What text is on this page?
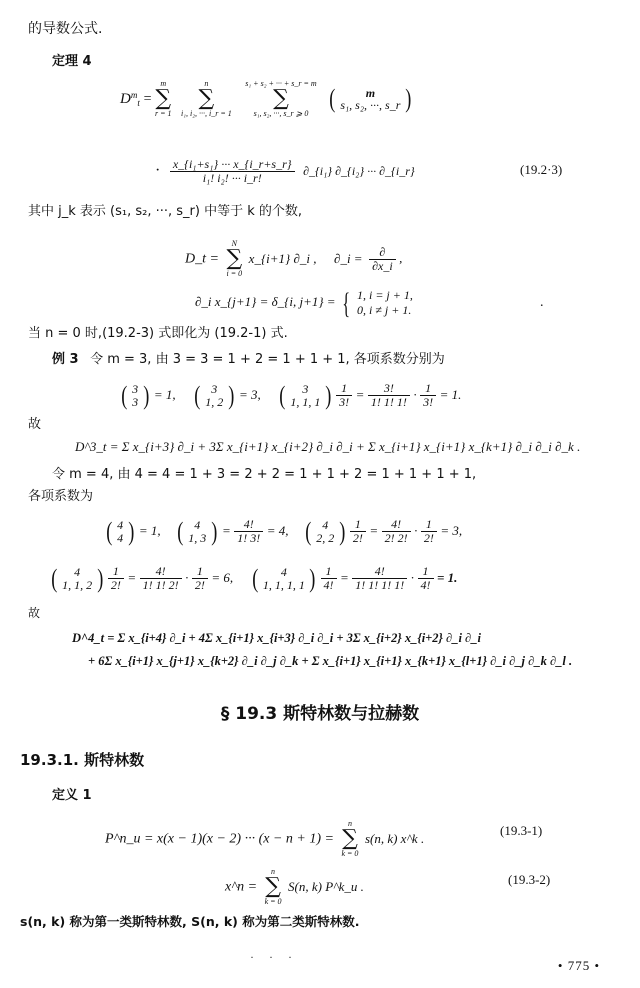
的导数公式.
定理 4
$D^m_t$ =
m
∑
r = 1

n
∑
i₁, i₂, ···, i_r = 1

s₁ + s₂ + ··· + s_r = m
∑
s₁, s₂, ···, s_r ⩾ 0
(	m
s₁, s₂, ···, s_r )
· $\frac{\text{x\_\{i₁+s₁\} ··· x\_\{i\_r+s\_r\}}}{\text{i₁! i₂! ··· i\_r!}}$ ∂_{i₁} ∂_{i₂} ··· ∂_{i_r}	(19.2·3)
其中 j_k 表示 (s₁, s₂, ···, s_r) 中等于 k 的个数,
D_t =
N
∑
i = 0
x_{i+1} ∂_i , ∂_i = $\frac{\partial}{\partial x\_i}$ ,
∂_i x_{j+1} = δ_{i, j+1} = { 1, i = j + 1,
0, i ≠ j + 1.	.
当 n = 0 时,(19.2-3) 式即化为 (19.2-1) 式.
例 3 令 m = 3, 由 3 = 3 = 1 + 2 = 1 + 1 + 1, 各项系数分别为
( 3
3 ) = 1, ( 3
1, 2 ) = 3, (	3
1, 1, 1 ) $\frac{1}{3!} = \frac{3!}{1! 1! 1!} \cdot \frac{1}{3!} = 1$.
故
D^3_t = Σ x_{i+3} ∂_i + 3Σ x_{i+1} x_{i+2} ∂_i ∂_i + Σ x_{i+1} x_{i+1} x_{k+1} ∂_i ∂_i ∂_k .
令 m = 4, 由 4 = 4 = 1 + 3 = 2 + 2 = 1 + 1 + 2 = 1 + 1 + 1 + 1,
各项系数为
( 4
4 ) = 1, ( 4
1, 3 ) = $\frac{4!}{1! 3!} = 4$, ( 4
2, 2 ) $\frac{1}{2!} = \frac{4!}{2! 2!} \cdot \frac{1}{2!} = 3$,
(	4
1, 1, 2 ) $\frac{1}{2!} = \frac{4!}{1! 1! 2!} \cdot \frac{1}{2!} = 6$, (	4
1, 1, 1, 1 ) $\frac{1}{4!} = \frac{4!}{1! 1! 1! 1!} \cdot \frac{1}{4!} = 1$.
故
D^4_t = Σ x_{i+4} ∂_i + 4Σ x_{i+1} x_{i+3} ∂_i ∂_i + 3Σ x_{i+2} x_{i+2} ∂_i ∂_i
+ 6Σ x_{i+1} x_{j+1} x_{k+2} ∂_i ∂_j ∂_k + Σ x_{i+1} x_{i+1} x_{k+1} x_{l+1} ∂_i ∂_j ∂_k ∂_l .
§ 19.3 斯特林数与拉赫数
19.3.1. 斯特林数
定义 1
P^n_u = x(x − 1)(x − 2) ··· (x − n + 1) =
n
∑
k = 0
s(n, k) x^k .
(19.3-1)
x^n =
n
∑
k = 0
S(n, k) P^k_u .	(19.3-2)
s(n, k) 称为第一类斯特林数, S(n, k) 称为第二类斯特林数.
· · ·
• 775 •
